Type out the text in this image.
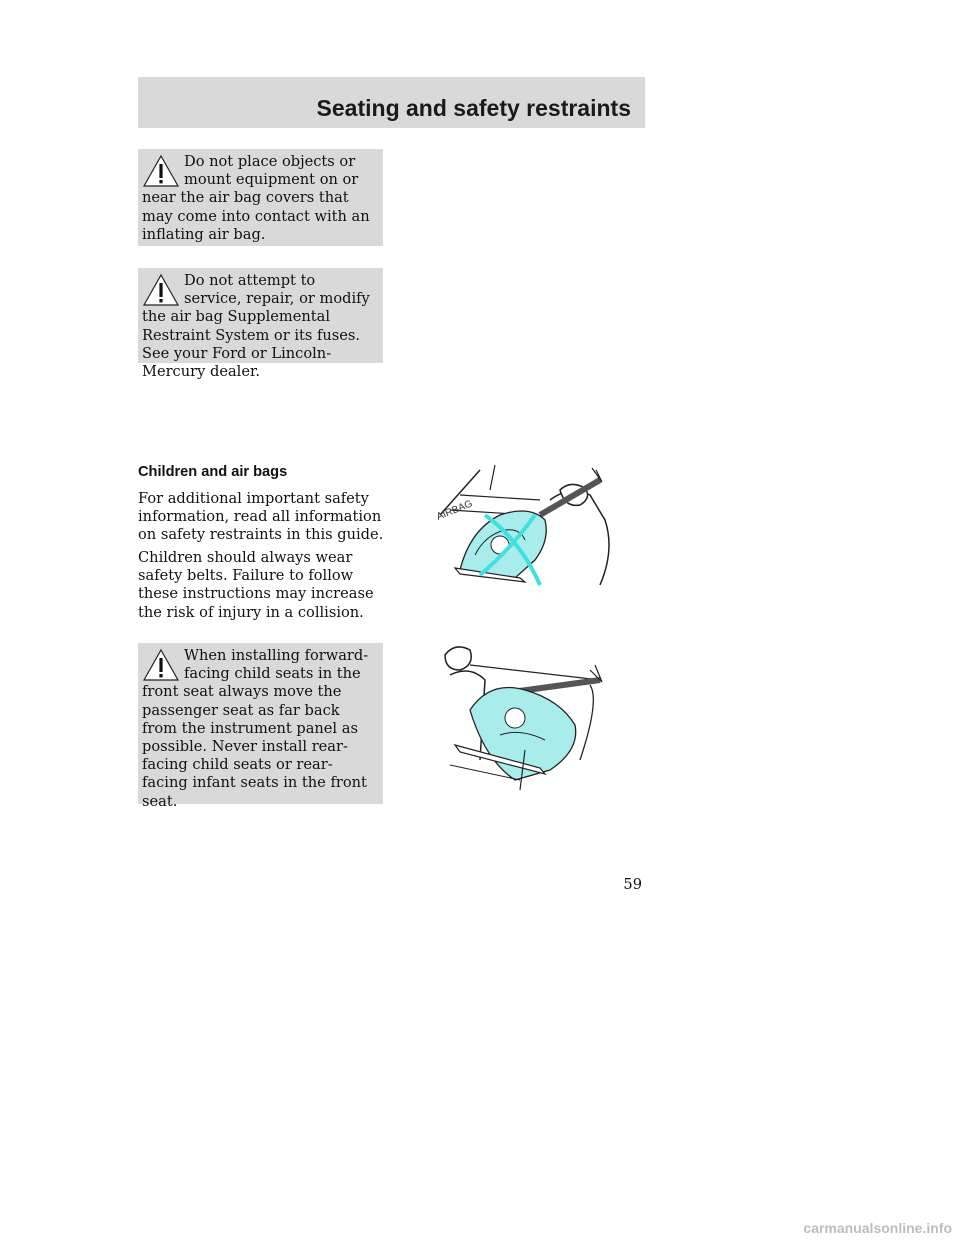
Seating and safety restraints

Do not place objects or mount equipment on or near the air bag covers that may come into contact with an inflating air bag.

Do not attempt to service, repair, or modify the air bag Supplemental Restraint System or its fuses. See your Ford or Lincoln-Mercury dealer.

Children and air bags

For additional important safety information, read all information on safety restraints in this guide.

Children should always wear safety belts. Failure to follow these instructions may increase the risk of injury in a collision.

When installing forward-facing child seats in the front seat always move the passenger seat as far back from the instrument panel as possible. Never install rear-facing child seats or rear-facing infant seats in the front seat.

AIRBAG
59
carmanualsonline.info
